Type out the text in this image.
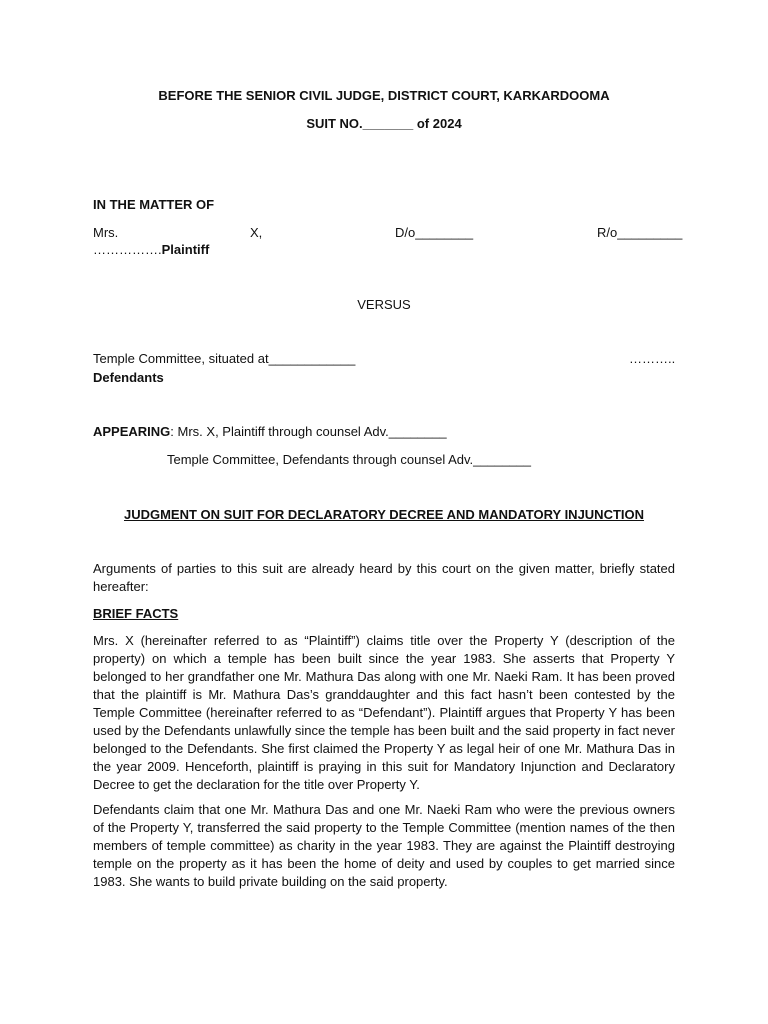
BEFORE THE SENIOR CIVIL JUDGE, DISTRICT COURT, KARKARDOOMA
SUIT NO._______ of 2024
IN THE MATTER OF
Mrs.	X,	D/o________	R/o_________
…………….Plaintiff
VERSUS
Temple Committee, situated at____________	………..
Defendants
APPEARING: Mrs. X, Plaintiff through counsel Adv.________
Temple Committee, Defendants through counsel Adv.________
JUDGMENT ON SUIT FOR DECLARATORY DECREE AND MANDATORY INJUNCTION
Arguments of parties to this suit are already heard by this court on the given matter, briefly stated hereafter:
BRIEF FACTS
Mrs. X (hereinafter referred to as “Plaintiff”) claims title over the Property Y (description of the property) on which a temple has been built since the year 1983. She asserts that Property Y belonged to her grandfather one Mr. Mathura Das along with one Mr. Naeki Ram. It has been proved that the plaintiff is Mr. Mathura Das’s granddaughter and this fact hasn’t been contested by the Temple Committee (hereinafter referred to as “Defendant”). Plaintiff argues that Property Y has been used by the Defendants unlawfully since the temple has been built and the said property in fact never belonged to the Defendants. She first claimed the Property Y as legal heir of one Mr. Mathura Das in the year 2009. Henceforth, plaintiff is praying in this suit for Mandatory Injunction and Declaratory Decree to get the declaration for the title over Property Y.
Defendants claim that one Mr. Mathura Das and one Mr. Naeki Ram who were the previous owners of the Property Y, transferred the said property to the Temple Committee (mention names of the then members of temple committee) as charity in the year 1983. They are against the Plaintiff destroying temple on the property as it has been the home of deity and used by couples to get married since 1983. She wants to build private building on the said property.
